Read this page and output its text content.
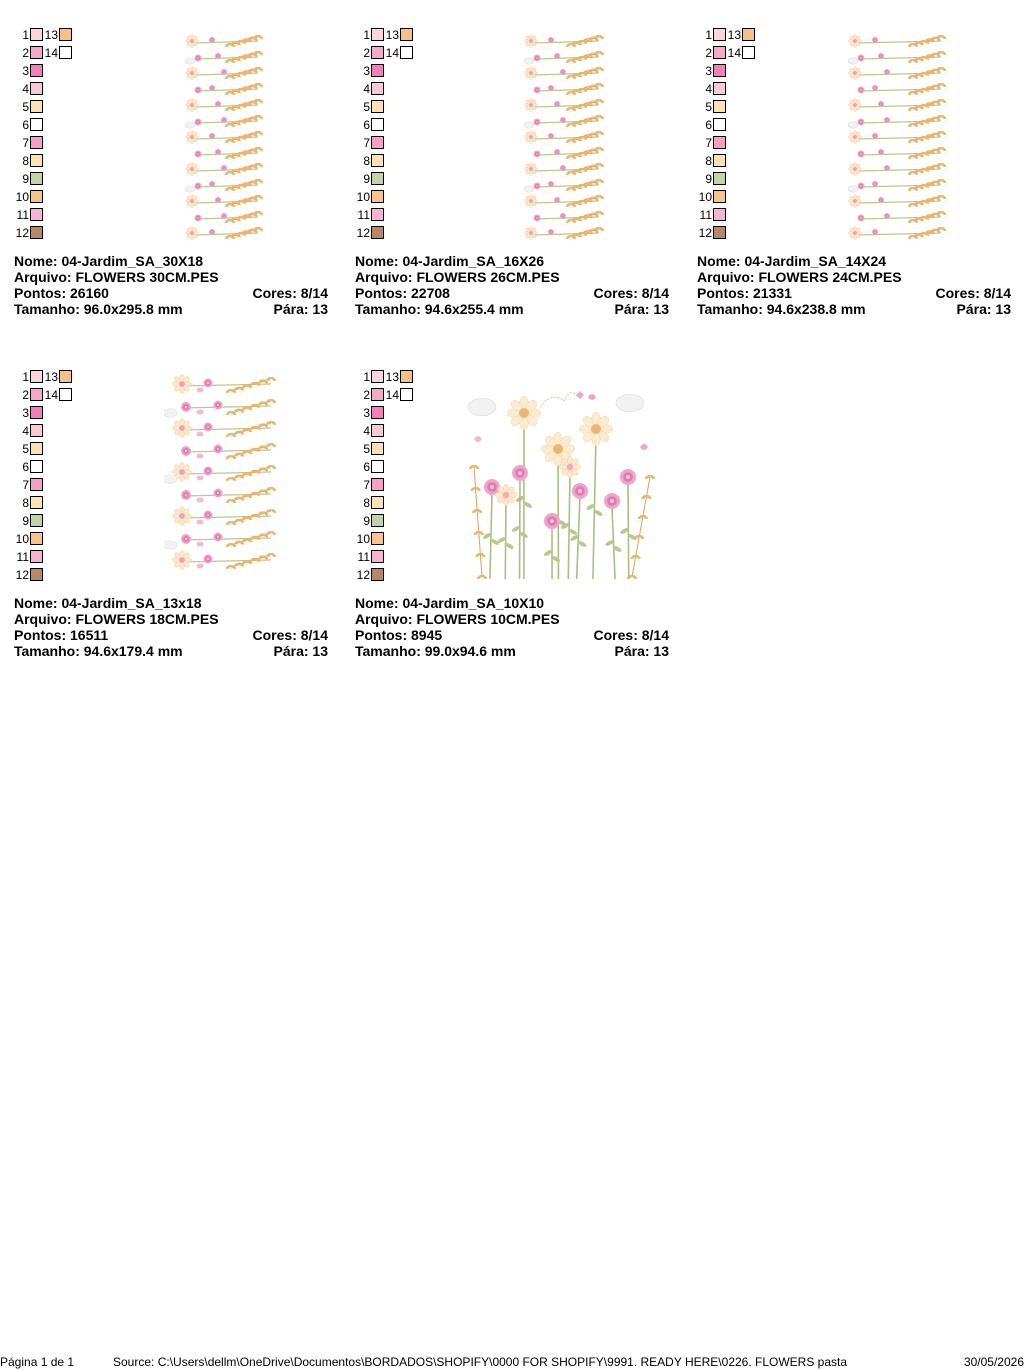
1 13
2 14
3
4
5
6
7
8
9
10
11
12
Nome: 04-Jardim_SA_30X18
Arquivo: FLOWERS 30CM.PES
Pontos: 26160	Cores: 8/14
Tamanho: 96.0x295.8 mm	Pára: 13
1 13
2 14
3
4
5
6
7
8
9
10
11
12
Nome: 04-Jardim_SA_16X26
Arquivo: FLOWERS 26CM.PES
Pontos: 22708	Cores: 8/14
Tamanho: 94.6x255.4 mm	Pára: 13
1 13
2 14
3
4
5
6
7
8
9
10
11
12
Nome: 04-Jardim_SA_14X24
Arquivo: FLOWERS 24CM.PES
Pontos: 21331	Cores: 8/14
Tamanho: 94.6x238.8 mm	Pára: 13
1 13
2 14
3
4
5
6
7
8
9
10
11
12
Nome: 04-Jardim_SA_13x18
Arquivo: FLOWERS 18CM.PES
Pontos: 16511	Cores: 8/14
Tamanho: 94.6x179.4 mm	Pára: 13
1 13
2 14
3
4
5
6
7
8
9
10
11
12
Nome: 04-Jardim_SA_10X10
Arquivo: FLOWERS 10CM.PES
Pontos: 8945	Cores: 8/14
Tamanho: 99.0x94.6 mm	Pára: 13
Página 1 de 1	Source: C:\Users\dellm\OneDrive\Documentos\BORDADOS\SHOPIFY\0000 FOR SHOPIFY\9991. READY HERE\0226. FLOWERS pasta	30/05/2026
